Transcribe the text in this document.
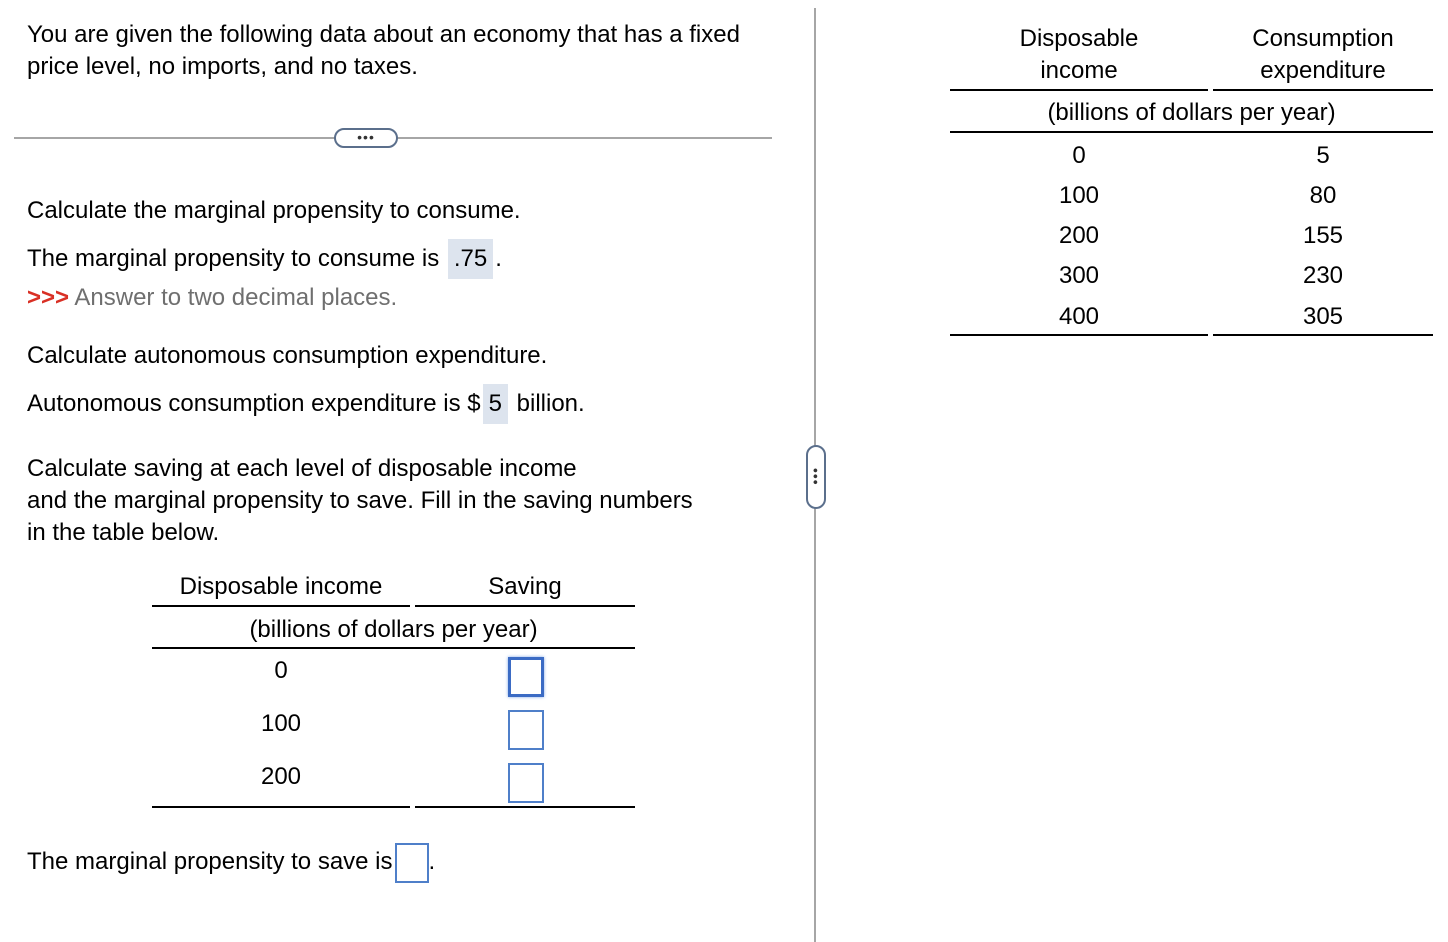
You are given the following data about an economy that has a fixed price level, no imports, and no taxes.
•••
Calculate the marginal propensity to consume.
The marginal propensity to consume is .75 .
>>> Answer to two decimal places.
Calculate autonomous consumption expenditure.
Autonomous consumption expenditure is $ 5 billion.
Calculate saving at each level of disposable income
and the marginal propensity to save. Fill in the saving numbers
in the table below.
Disposable income	Saving
(billions of dollars per year)
0
100
200
The marginal propensity to save is .
•••
Disposable
income
Consumption
expenditure
(billions of dollars per year)
0	5
100	80
200	155
300	230
400	305
